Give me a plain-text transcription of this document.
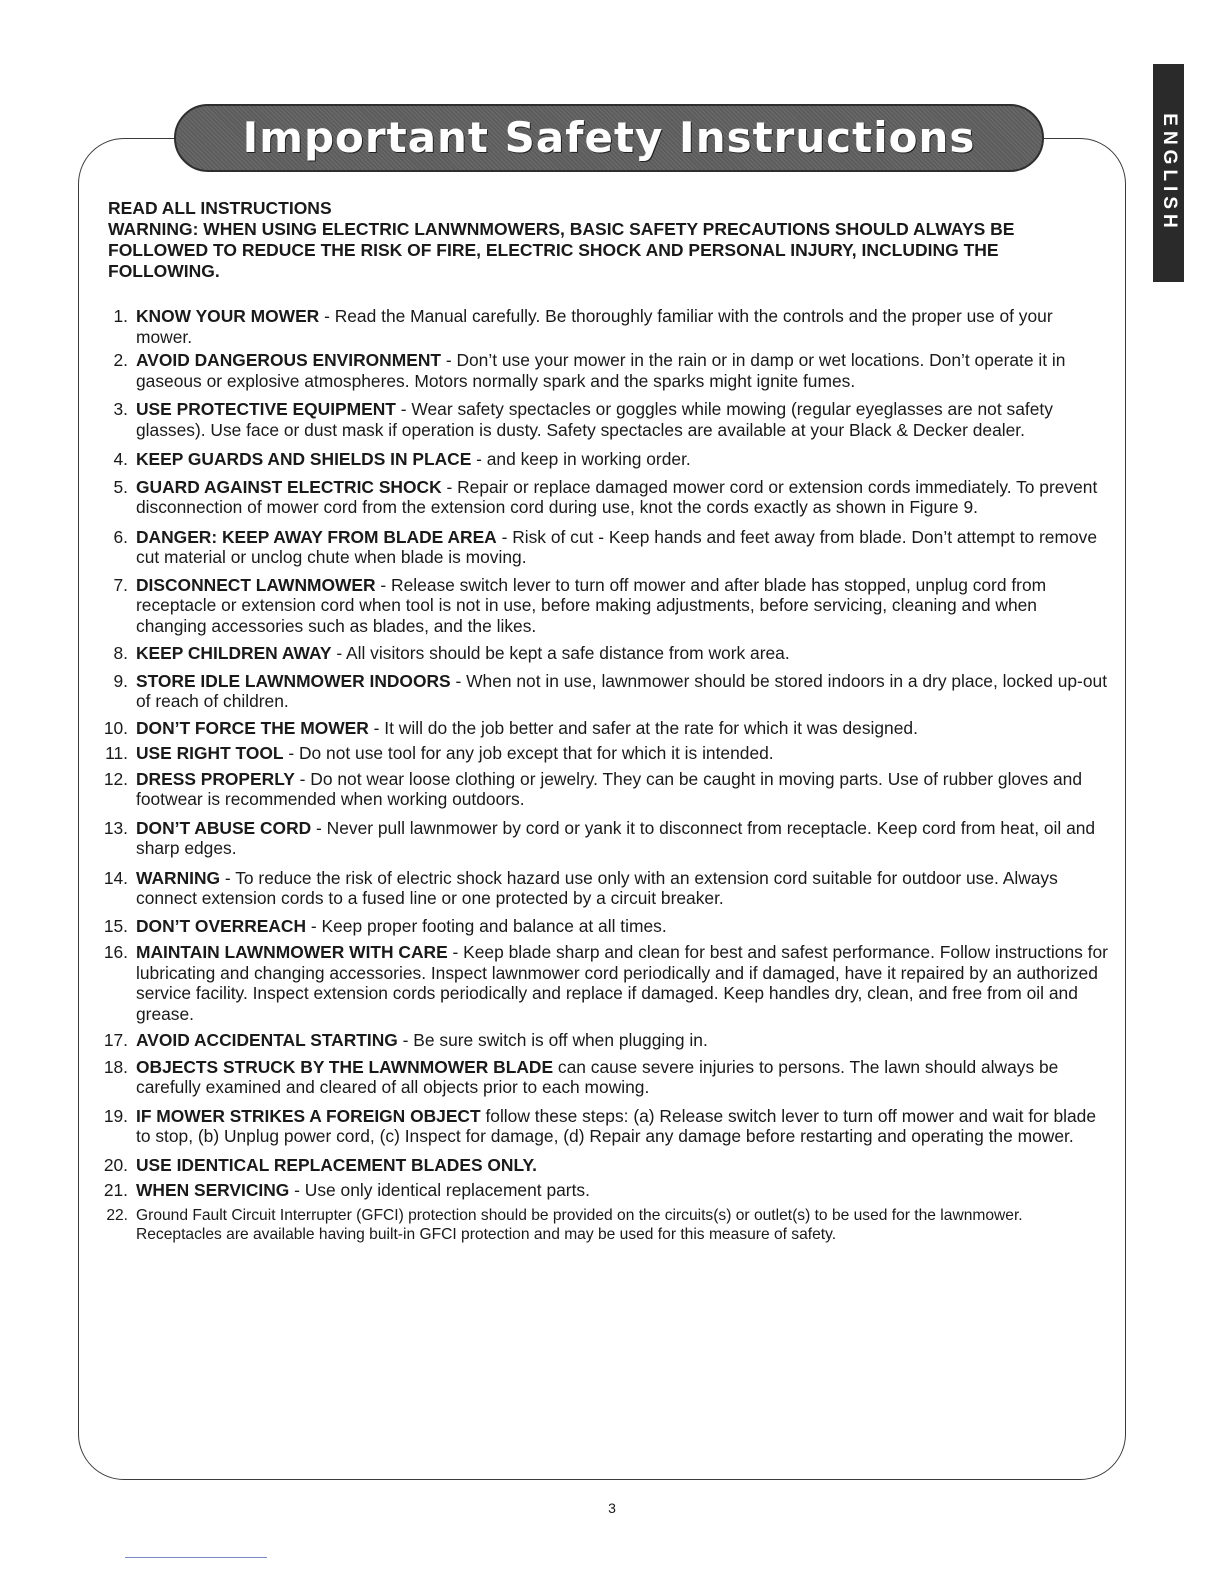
Important Safety Instructions	ENGLISH

READ ALL INSTRUCTIONS

WARNING: WHEN USING ELECTRIC LANWNMOWERS, BASIC SAFETY PRECAUTIONS SHOULD ALWAYS BE FOLLOWED TO REDUCE THE RISK OF FIRE, ELECTRIC SHOCK AND PERSONAL INJURY, INCLUDING THE FOLLOWING.

1. KNOW YOUR MOWER - Read the Manual carefully. Be thoroughly familiar with the controls and the proper use of your mower.
2. AVOID DANGEROUS ENVIRONMENT - Don’t use your mower in the rain or in damp or wet locations. Don’t operate it in gaseous or explosive atmospheres. Motors normally spark and the sparks might ignite fumes.
3. USE PROTECTIVE EQUIPMENT - Wear safety spectacles or goggles while mowing (regular eyeglasses are not safety glasses). Use face or dust mask if operation is dusty. Safety spectacles are available at your Black & Decker dealer.
4. KEEP GUARDS AND SHIELDS IN PLACE - and keep in working order.
5. GUARD AGAINST ELECTRIC SHOCK - Repair or replace damaged mower cord or extension cords immediately. To prevent disconnection of mower cord from the extension cord during use, knot the cords exactly as shown in Figure 9.
6. DANGER: KEEP AWAY FROM BLADE AREA - Risk of cut - Keep hands and feet away from blade. Don’t attempt to remove cut material or unclog chute when blade is moving.
7. DISCONNECT LAWNMOWER - Release switch lever to turn off mower and after blade has stopped, unplug cord from receptacle or extension cord when tool is not in use, before making adjustments, before servicing, cleaning and when changing accessories such as blades, and the likes.
8. KEEP CHILDREN AWAY - All visitors should be kept a safe distance from work area.
9. STORE IDLE LAWNMOWER INDOORS - When not in use, lawnmower should be stored indoors in a dry place, locked up-out of reach of children.
10. DON’T FORCE THE MOWER - It will do the job better and safer at the rate for which it was designed.
11. USE RIGHT TOOL - Do not use tool for any job except that for which it is intended.
12. DRESS PROPERLY - Do not wear loose clothing or jewelry. They can be caught in moving parts. Use of rubber gloves and footwear is recommended when working outdoors.
13. DON’T ABUSE CORD - Never pull lawnmower by cord or yank it to disconnect from receptacle. Keep cord from heat, oil and sharp edges.
14. WARNING - To reduce the risk of electric shock hazard use only with an extension cord suitable for outdoor use. Always connect extension cords to a fused line or one protected by a circuit breaker.
15. DON’T OVERREACH - Keep proper footing and balance at all times.
16. MAINTAIN LAWNMOWER WITH CARE - Keep blade sharp and clean for best and safest performance. Follow instructions for lubricating and changing accessories. Inspect lawnmower cord periodically and if damaged, have it repaired by an authorized service facility. Inspect extension cords periodically and replace if damaged. Keep handles dry, clean, and free from oil and grease.
17. AVOID ACCIDENTAL STARTING - Be sure switch is off when plugging in.
18. OBJECTS STRUCK BY THE LAWNMOWER BLADE can cause severe injuries to persons. The lawn should always be carefully examined and cleared of all objects prior to each mowing.
19. IF MOWER STRIKES A FOREIGN OBJECT follow these steps: (a) Release switch lever to turn off mower and wait for blade to stop, (b) Unplug power cord, (c) Inspect for damage, (d) Repair any damage before restarting and operating the mower.
20. USE IDENTICAL REPLACEMENT BLADES ONLY.
21. WHEN SERVICING - Use only identical replacement parts.
22. Ground Fault Circuit Interrupter (GFCI) protection should be provided on the circuits(s) or outlet(s) to be used for the lawnmower. Receptacles are available having built-in GFCI protection and may be used for this measure of safety.
3
